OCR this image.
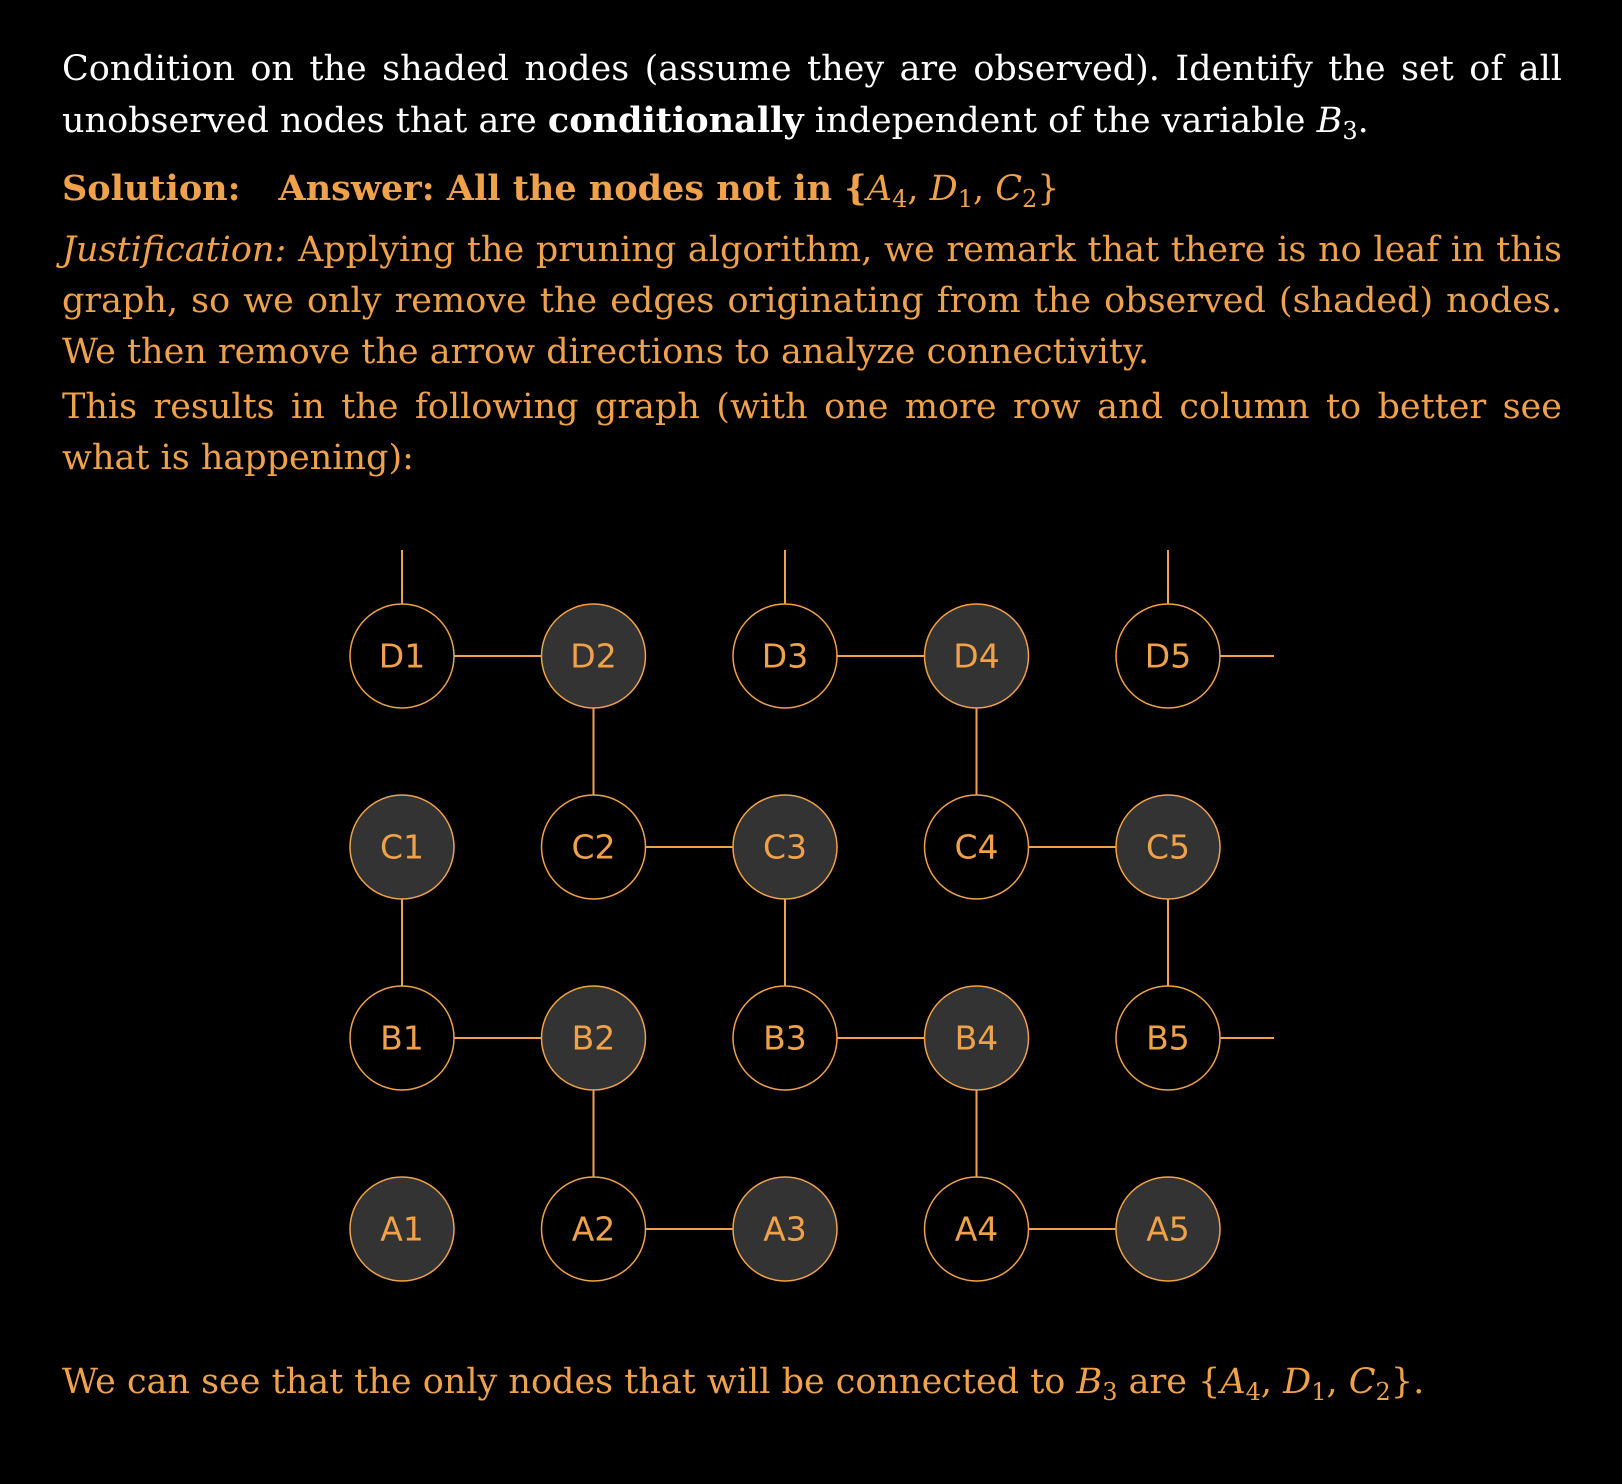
Condition on the shaded nodes (assume they are observed). Identify the set of all unobserved nodes that are conditionally independent of the variable $B_3$.
Solution: Answer: All the nodes not in {$A_4$, $D_1$, $C_2$}
Justification: Applying the pruning algorithm, we remark that there is no leaf in this graph, so we only remove the edges originating from the observed (shaded) nodes. We then remove the arrow directions to analyze connectivity.
This results in the following graph (with one more row and column to better see what is happening):
D1	D2	D3	D4	D5
C1	C2	C3	C4	C5
B1	B2	B3	B4	B5
A1	A2	A3	A4	A5
We can see that the only nodes that will be connected to $B_3$ are {$A_4$, $D_1$, $C_2$}.
